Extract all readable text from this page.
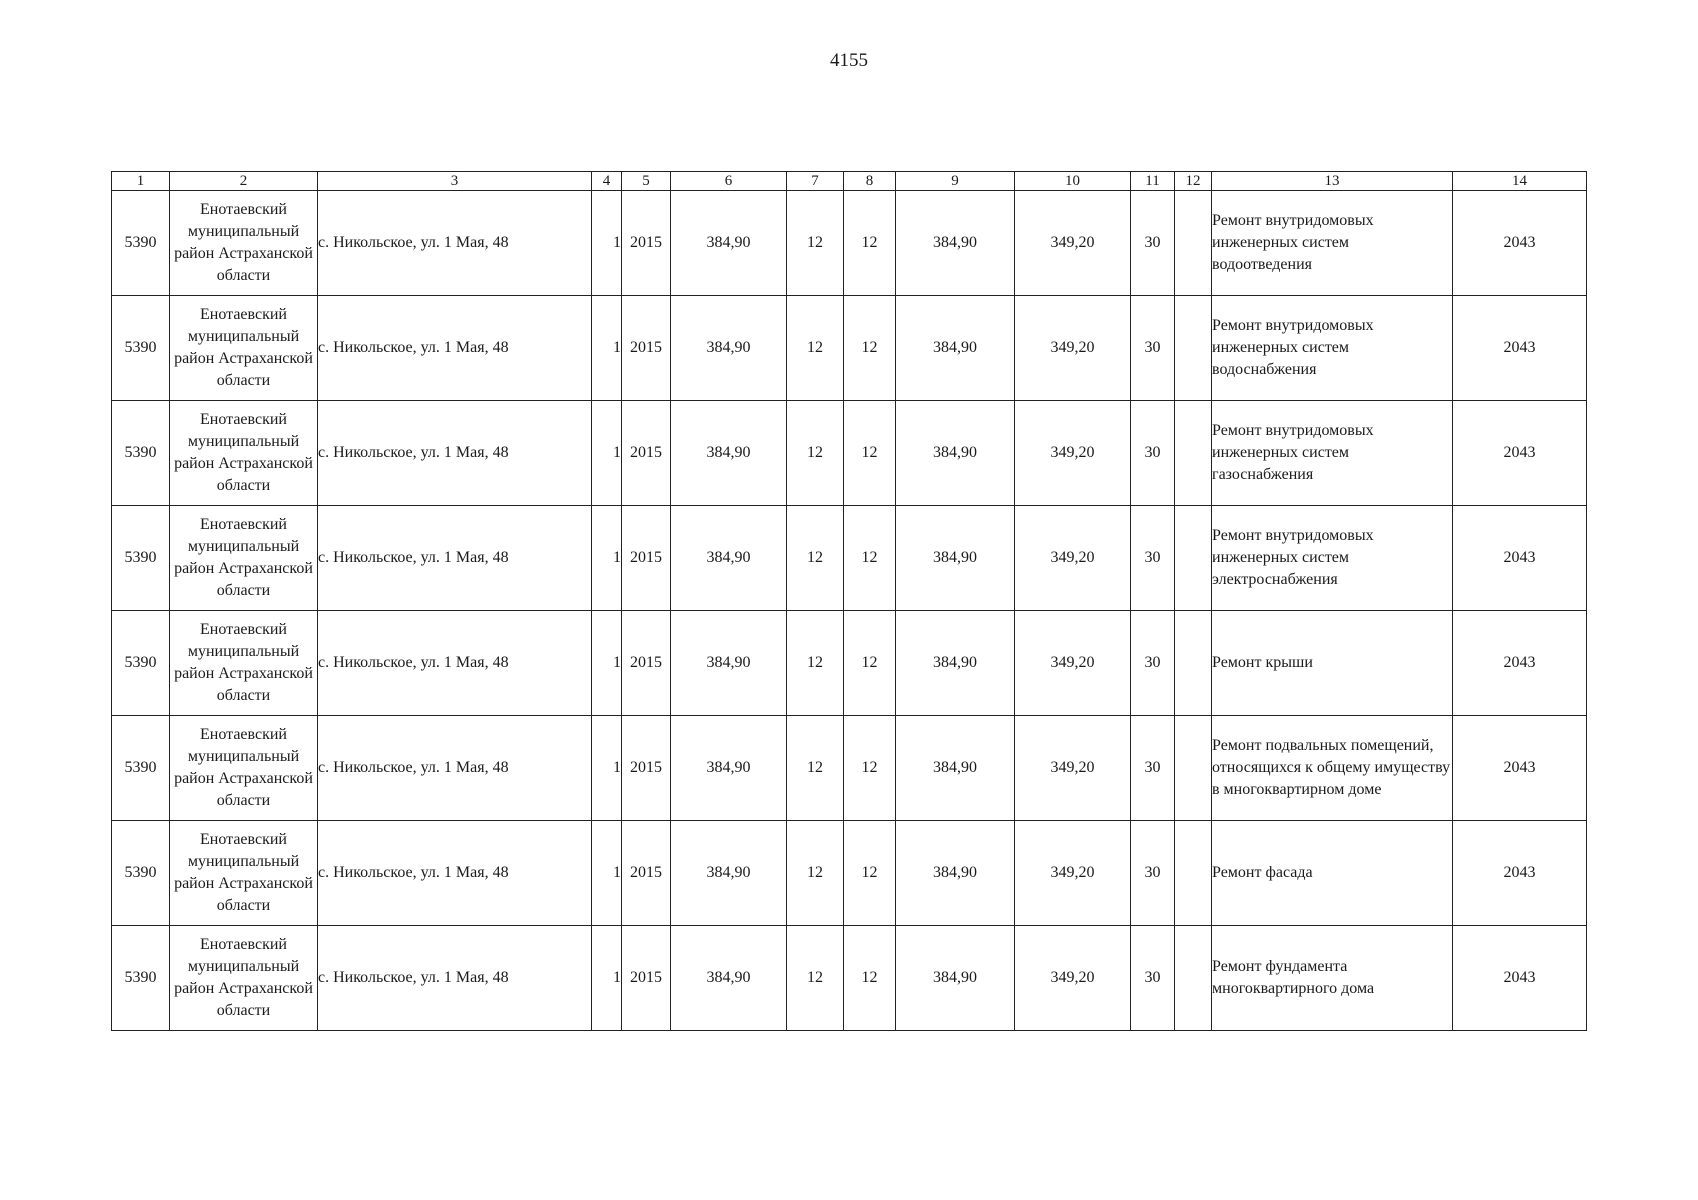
4155
1	2	3	4	5	6	7	8	9	10	11	12	13	14
5390	Енотаевский муниципальный район Астраханской области	с. Никольское, ул. 1 Мая, 48	1	2015	384,90	12	12	384,90	349,20	30		Ремонт внутридомовых инженерных систем водоотведения	2043
5390	Енотаевский муниципальный район Астраханской области	с. Никольское, ул. 1 Мая, 48	1	2015	384,90	12	12	384,90	349,20	30		Ремонт внутридомовых инженерных систем водоснабжения	2043
5390	Енотаевский муниципальный район Астраханской области	с. Никольское, ул. 1 Мая, 48	1	2015	384,90	12	12	384,90	349,20	30		Ремонт внутридомовых инженерных систем газоснабжения	2043
5390	Енотаевский муниципальный район Астраханской области	с. Никольское, ул. 1 Мая, 48	1	2015	384,90	12	12	384,90	349,20	30		Ремонт внутридомовых инженерных систем электроснабжения	2043
5390	Енотаевский муниципальный район Астраханской области	с. Никольское, ул. 1 Мая, 48	1	2015	384,90	12	12	384,90	349,20	30		Ремонт крыши	2043
5390	Енотаевский муниципальный район Астраханской области	с. Никольское, ул. 1 Мая, 48	1	2015	384,90	12	12	384,90	349,20	30		Ремонт подвальных помещений, относящихся к общему имуществу в многоквартирном доме	2043
5390	Енотаевский муниципальный район Астраханской области	с. Никольское, ул. 1 Мая, 48	1	2015	384,90	12	12	384,90	349,20	30		Ремонт фасада	2043
5390	Енотаевский муниципальный район Астраханской области	с. Никольское, ул. 1 Мая, 48	1	2015	384,90	12	12	384,90	349,20	30		Ремонт фундамента многоквартирного дома	2043
